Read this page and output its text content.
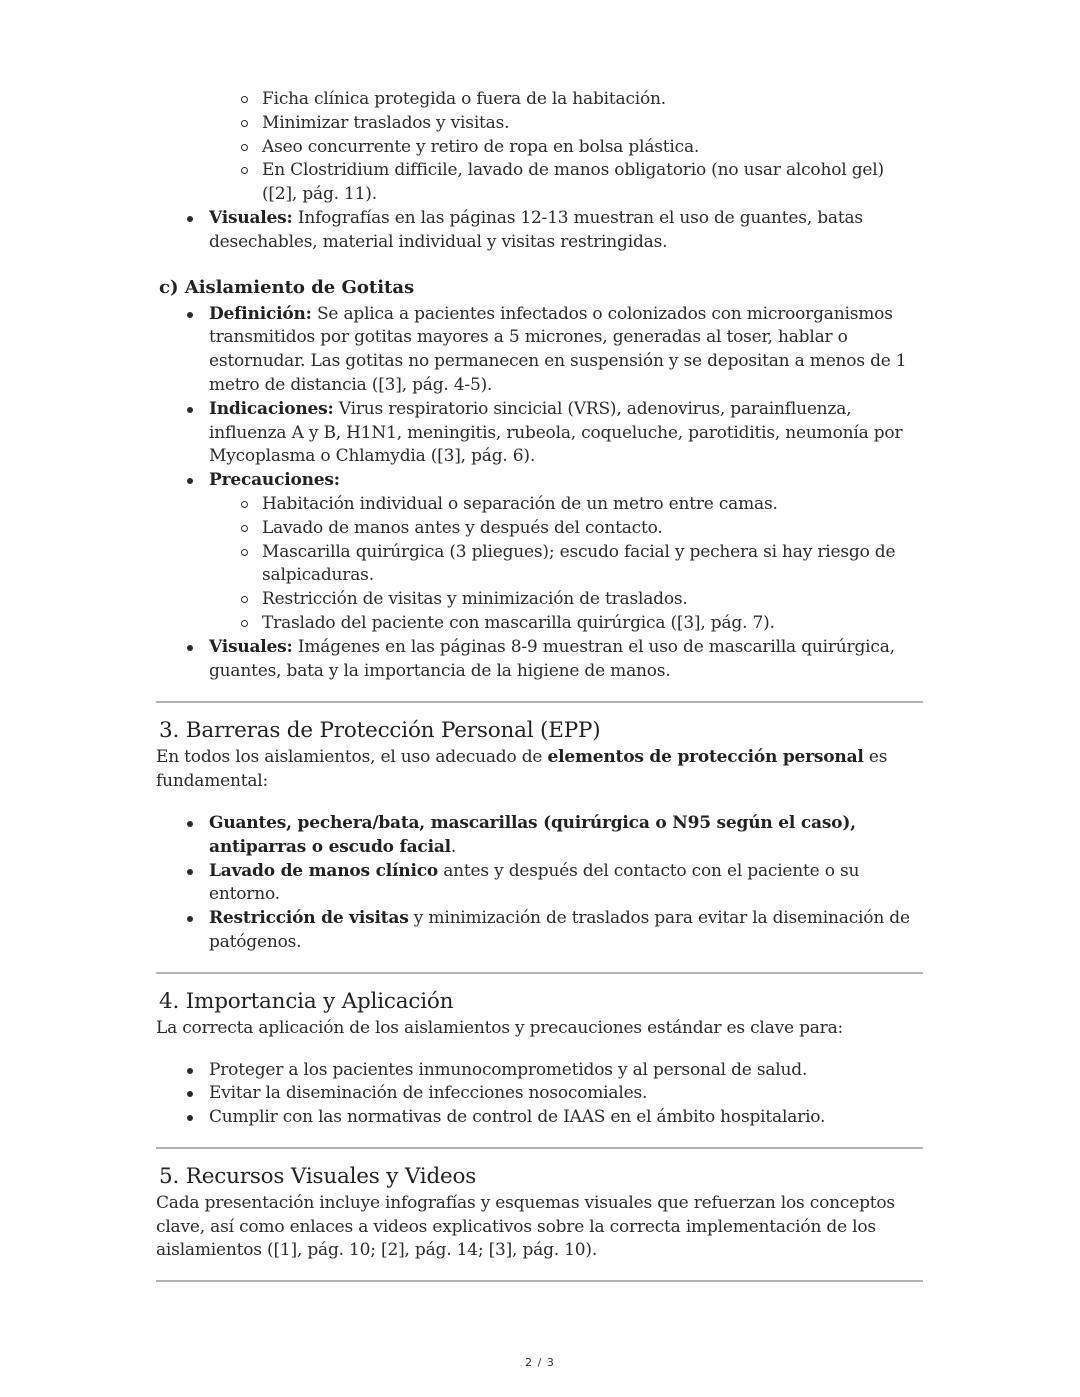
Ficha clínica protegida o fuera de la habitación.
Minimizar traslados y visitas.
Aseo concurrente y retiro de ropa en bolsa plástica.
En Clostridium difficile, lavado de manos obligatorio (no usar alcohol gel) ([2], pág. 11).
Visuales: Infografías en las páginas 12-13 muestran el uso de guantes, batas desechables, material individual y visitas restringidas.
c) Aislamiento de Gotitas
Definición: Se aplica a pacientes infectados o colonizados con microorganismos transmitidos por gotitas mayores a 5 micrones, generadas al toser, hablar o estornudar. Las gotitas no permanecen en suspensión y se depositan a menos de 1 metro de distancia ([3], pág. 4-5).
Indicaciones: Virus respiratorio sincicial (VRS), adenovirus, parainfluenza, influenza A y B, H1N1, meningitis, rubeola, coqueluche, parotiditis, neumonía por Mycoplasma o Chlamydia ([3], pág. 6).
Precauciones:
Habitación individual o separación de un metro entre camas.
Lavado de manos antes y después del contacto.
Mascarilla quirúrgica (3 pliegues); escudo facial y pechera si hay riesgo de salpicaduras.
Restricción de visitas y minimización de traslados.
Traslado del paciente con mascarilla quirúrgica ([3], pág. 7).
Visuales: Imágenes en las páginas 8-9 muestran el uso de mascarilla quirúrgica, guantes, bata y la importancia de la higiene de manos.
3. Barreras de Protección Personal (EPP)

En todos los aislamientos, el uso adecuado de elementos de protección personal es fundamental:

Guantes, pechera/bata, mascarillas (quirúrgica o N95 según el caso), antiparras o escudo facial.
Lavado de manos clínico antes y después del contacto con el paciente o su entorno.
Restricción de visitas y minimización de traslados para evitar la diseminación de patógenos.
4. Importancia y Aplicación

La correcta aplicación de los aislamientos y precauciones estándar es clave para:

Proteger a los pacientes inmunocomprometidos y al personal de salud.
Evitar la diseminación de infecciones nosocomiales.
Cumplir con las normativas de control de IAAS en el ámbito hospitalario.
5. Recursos Visuales y Videos

Cada presentación incluye infografías y esquemas visuales que refuerzan los conceptos clave, así como enlaces a videos explicativos sobre la correcta implementación de los aislamientos ([1], pág. 10; [2], pág. 14; [3], pág. 10).

2 / 3
